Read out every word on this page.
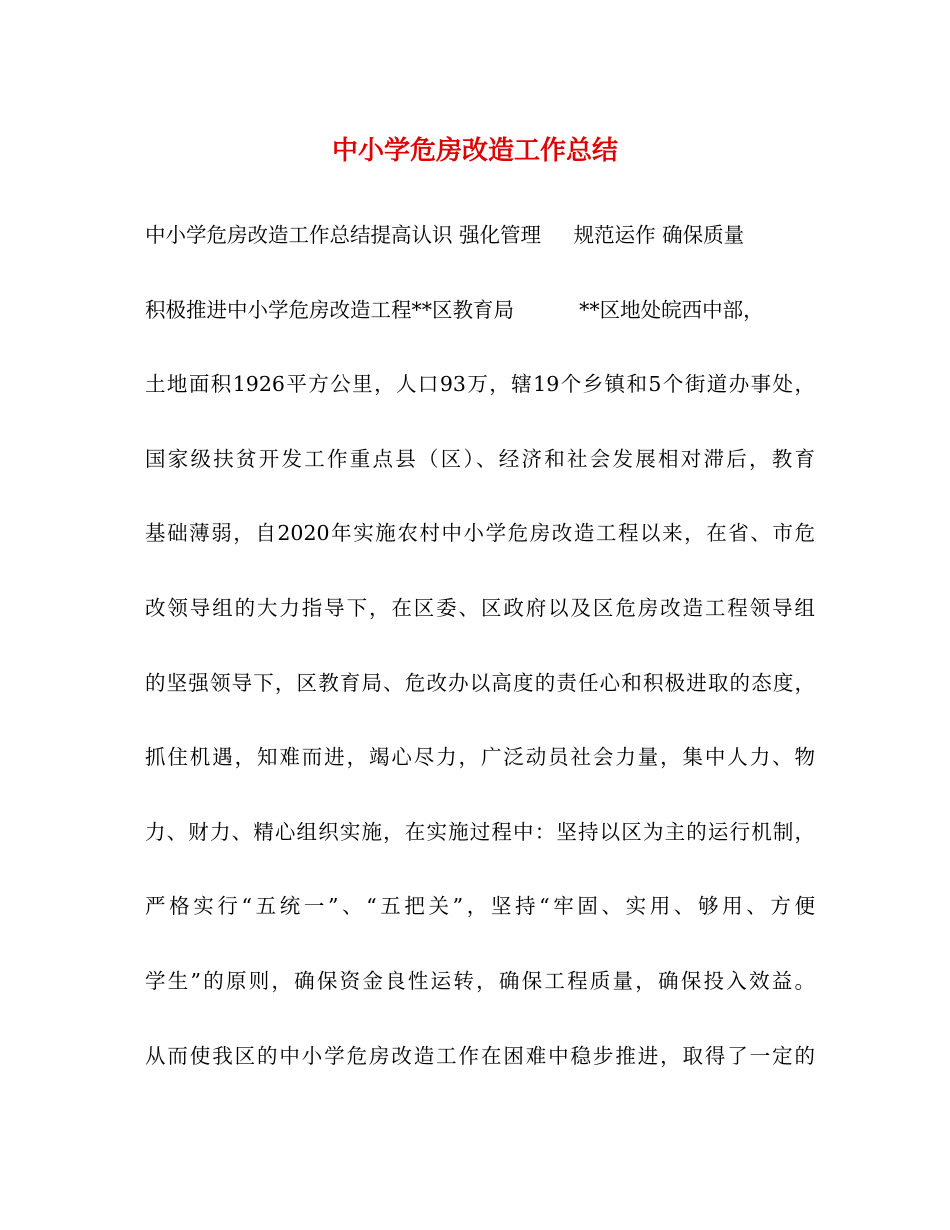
中小学危房改造工作总结
中小学危房改造工作总结提高认识 强化管理     规范运作 确保质量
积极推进中小学危房改造工程**区教育局          **区地处皖西中部，
土地面积1926平方公里，人口93万，辖19个乡镇和5个街道办事处，
国家级扶贫开发工作重点县（区）、经济和社会发展相对滞后，教育
基础薄弱，自2020年实施农村中小学危房改造工程以来，在省、市危
改领导组的大力指导下，在区委、区政府以及区危房改造工程领导组
的坚强领导下，区教育局、危改办以高度的责任心和积极进取的态度，
抓住机遇，知难而进，竭心尽力，广泛动员社会力量，集中人力、物
力、财力、精心组织实施，在实施过程中：坚持以区为主的运行机制，
严格实行“五统一”、“五把关”，坚持“牢固、实用、够用、方便
学生”的原则，确保资金良性运转，确保工程质量，确保投入效益。
从而使我区的中小学危房改造工作在困难中稳步推进，取得了一定的
